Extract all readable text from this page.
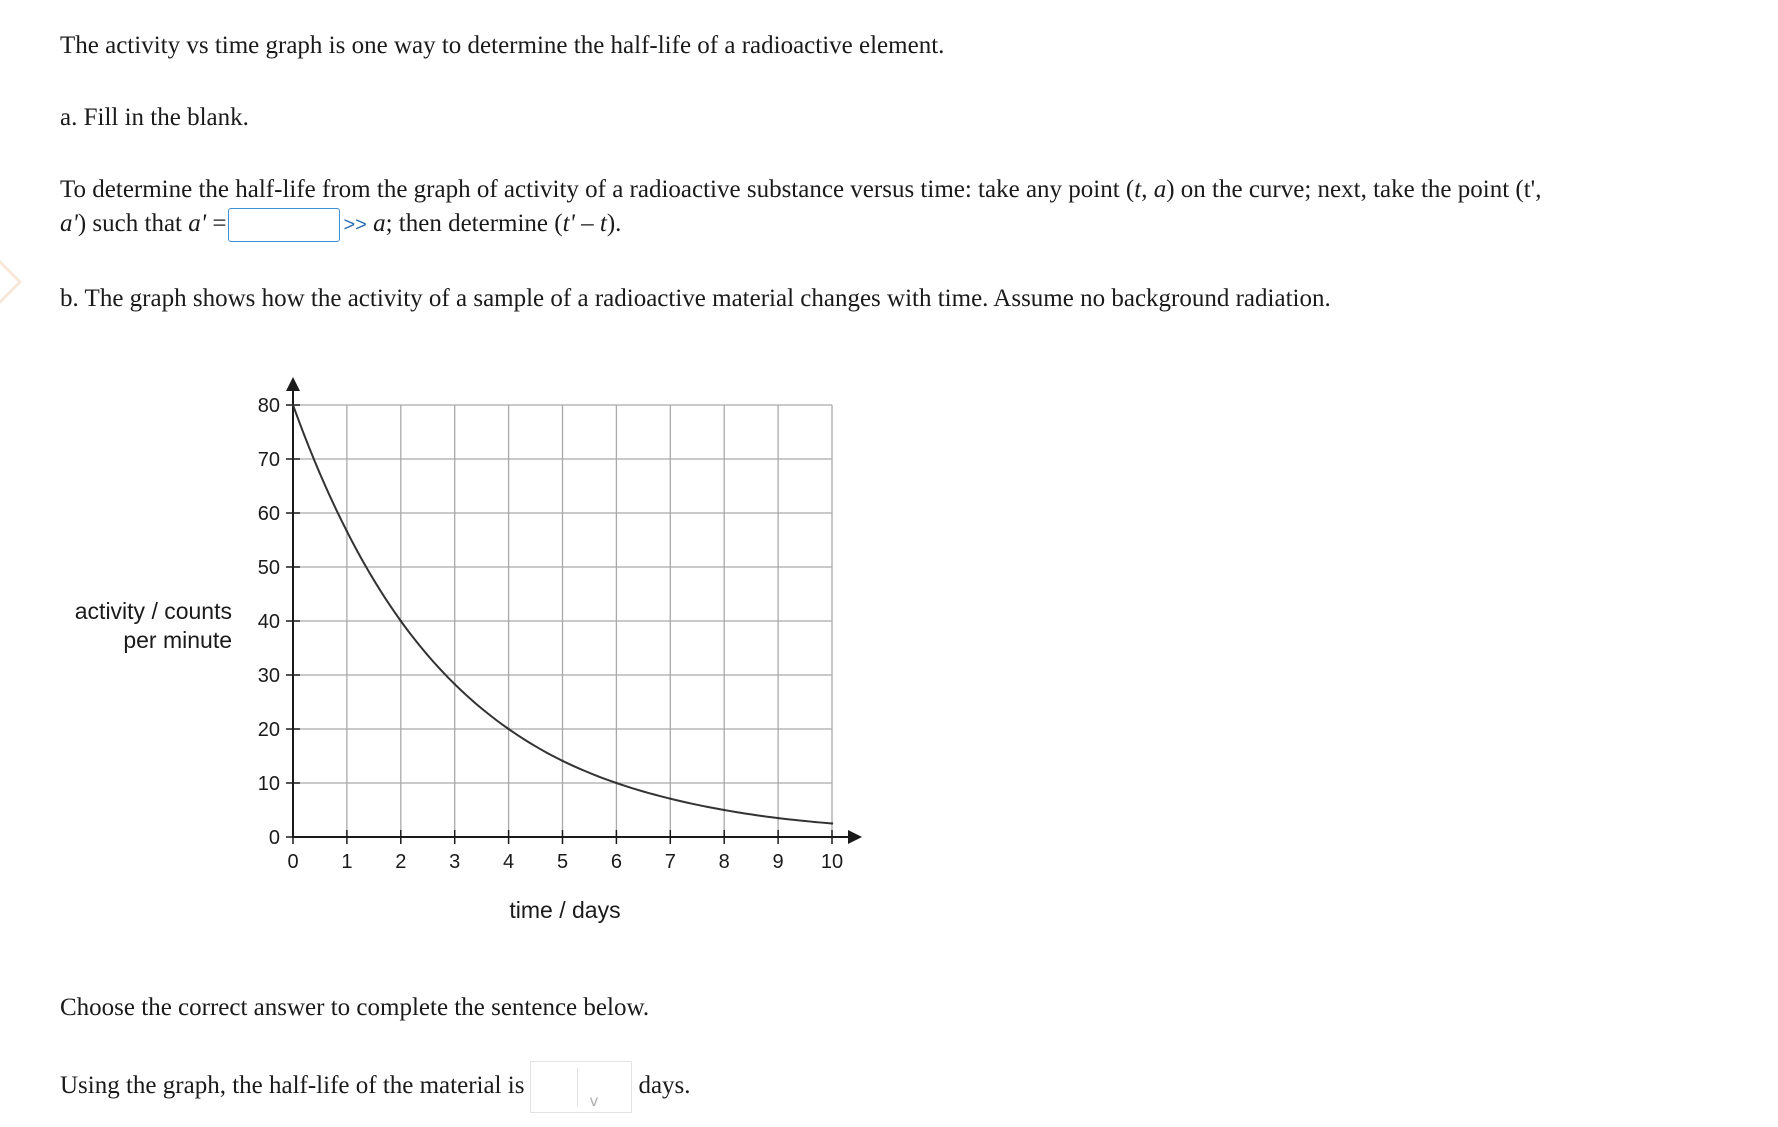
The activity vs time graph is one way to determine the half-life of a radioactive element.
a. Fill in the blank.
To determine the half-life from the graph of activity of a radioactive substance versus time: take any point (t, a) on the curve; next, take the point (t',
a') such that a' =	>> a; then determine (t' – t).
b. The graph shows how the activity of a sample of a radioactive material changes with time. Assume no background radiation.
0
10
20
30
40
50
60
70
80
0 1 2 3 4 5 6 7 8 9 10
activity / counts
per minute
time / days
Choose the correct answer to complete the sentence below.
Using the graph, the half-life of the material is
v
days.
